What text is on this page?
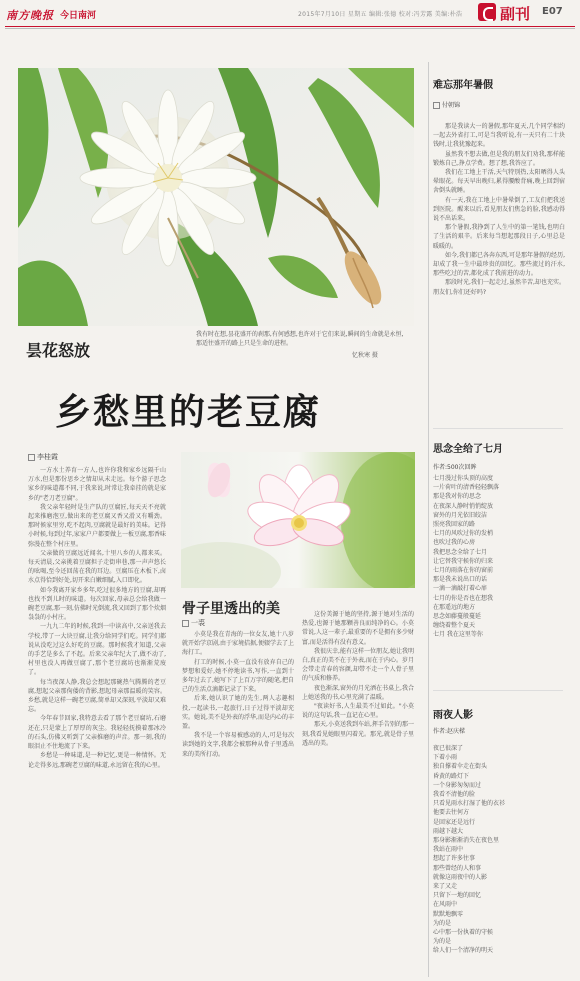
南方晚报 今日南河	2015年7月10日 星期五 编辑:张德 校对:冯芳露 美编:朴浩	副刊 E07
昙花怒放
我有时在想,昙花盛开的刹那,有何感想,也许对于它们来说,瞬间的生命就是永恒,那适往盛开的路上只是生命的进程。
忆秋寒 摄
乡愁里的老豆腐
李桂霞

一方水土养育一方人,也许你我和家乡远隔千山万水,但是那份思乡之情却从未走远。每个游子思念家乡的味道都不同,于我来说,时常让我牵挂的就是家乡的"老刀老豆腐"。

我父亲年轻时是生产队的豆腐匠,每天天不亮就起来推磨泡豆,做出来的老豆腐又香又滑又有嚼劲。那时候家里穷,吃不起肉,豆腐就是最好的美味。记得小时候,每到过年,家家户户都要做上一板豆腐,那香味弥漫在整个村庄里。

父亲做的豆腐远近闻名,十里八乡的人都来买。每天清晨,父亲挑着豆腐担子走街串巷,那一声声悠长的吆喝,至今还回荡在我的耳边。豆腐压在木板下,卤水点得恰到好处,切开来白嫩细腻,入口即化。

如今我离开家乡多年,吃过很多地方的豆腐,却再也找不到儿时的味道。每次回家,母亲总会给我做一碗老豆腐,那一刻,仿佛时光倒流,我又回到了那个炊烟袅袅的小村庄。

一九九二年的时候,我到一中读高中,父亲送我去学校,带了一大块豆腐,让我分给同学们吃。同学们都说从没吃过这么好吃的豆腐。那时候我才知道,父亲的手艺是多么了不起。后来父亲年纪大了,做不动了,村里也没人再做豆腐了,那个老豆腐坊也渐渐荒废了。

每当夜深人静,我总会想起那碗热气腾腾的老豆腐,想起父亲那佝偻的背影,想起母亲那温暖的笑容。乡愁,就是这样一碗老豆腐,简单却又深刻,平淡却又难忘。

今年春节回家,我特意去看了那个老豆腐坊,石磨还在,只是蒙上了厚厚的灰尘。我轻轻抚摸着那冰冷的石头,仿佛又听到了父亲推磨的声音。那一刻,我的眼泪止不住地流了下来。

乡愁是一种味道,是一种记忆,更是一种情怀。无论走得多远,那碗老豆腐的味道,永远留在我的心里。

骨子里透出的美
一裘

小莫是我在青海的一位女友,她十八岁就开始学京剧,由于家境拮据,便辍学去了上海打工。

打工的时候,小莫一直没有放弃自己的梦想和爱好,她不停地读书,写作,一直到十多年过去了,她写下了上百万字的随笔,把自己的生活点滴都记录了下来。

后来,她认识了她的先生,两人志趣相投,一起读书,一起旅行,日子过得平淡却充实。她说,美不是外表的浮华,而是内心的丰盈。

我不是一个容易被感动的人,可是每次读到她的文字,我都会被那种从骨子里透出来的美所打动。

这份美源于她的坚持,源于她对生活的热爱,也源于她那颗善良而纯净的心。小莫常说,人这一辈子,最重要的不是拥有多少财富,而是活得有没有意义。

我很庆幸,能有这样一位朋友,她让我明白,真正的美不在于外表,而在于内心。岁月会带走青春的容颜,却带不走一个人骨子里的气质和修养。

夜色渐深,窗外的月光洒在书桌上,我合上她送我的书,心里充满了温暖。

"夜读好书,人生最美不过如此。"小莫说的这句话,我一直记在心里。

那天,小莫送我到车站,挥手告别的那一刻,我看见她眼里闪着光。那光,就是骨子里透出的美。

难忘那年暑假
付朝锦

那是我读大一的暑假,那年夏天,几个同学相约一起去外省打工,可是当我听说,有一天只有二十块钱时,让我犹豫起来。

虽然我不想去做,但是我的朋友们劝我,那样能锻炼自己,挣点学费。想了想,我答应了。

我们在工地上干活,天气特别热,太阳晒得人头晕眼花。每天早出晚归,累得腰酸背痛,晚上回到宿舍倒头就睡。

有一天,我在工地上中暑晕倒了,工友们把我送到医院。醒来以后,看见朋友们焦急的脸,我感动得说不出话来。

那个暑假,我挣到了人生中的第一笔钱,也明白了生活的艰辛。后来每当想起那段日子,心里总是暖暖的。

如今,我们都已各奔东西,可是那年暑假的经历,却成了我一生中最珍贵的回忆。那些流过的汗水,那些吃过的苦,都化成了我前进的动力。

那段时光,我们一起走过,虽然辛苦,却也充实。朋友们,你们还好吗?

思念全给了七月
作者:500次回眸
七月漫过你头顶的高度
一片荷叶的清香轻轻飘落
那是我对你的思念
在夜深人静时悄悄绽放
窗外的月光依旧皎洁
照亮我回家的路
七月的风吹过你的发梢
也吹过我的心房
我把思念全给了七月
让它替我守候你的归来
七月的雨落在你的窗前
那是我未说出口的话
一滴一滴敲打着心扉
七月的你是否也在想我
在那遥远的地方
思念如藤蔓般蔓延
缠绕着整个夏天
七月 我在这里等你
雨夜人影
作者:赵庆樑
夜已很深了
下着小雨
独自撑着伞走在街头
昏黄的路灯下
一个身影匆匆而过
我看不清他的脸
只看见雨水打湿了他的衣衫
他要去往何方
是回家还是远行
雨越下越大
那身影渐渐消失在夜色里
我站在雨中
想起了许多往事
那些曾经的人和事
就像这雨夜中的人影
来了又走
只留下一地的回忆
在风雨中
默默地飘零
为的是
心中那一份执着的守候
为的是
给人们一个清净的明天
